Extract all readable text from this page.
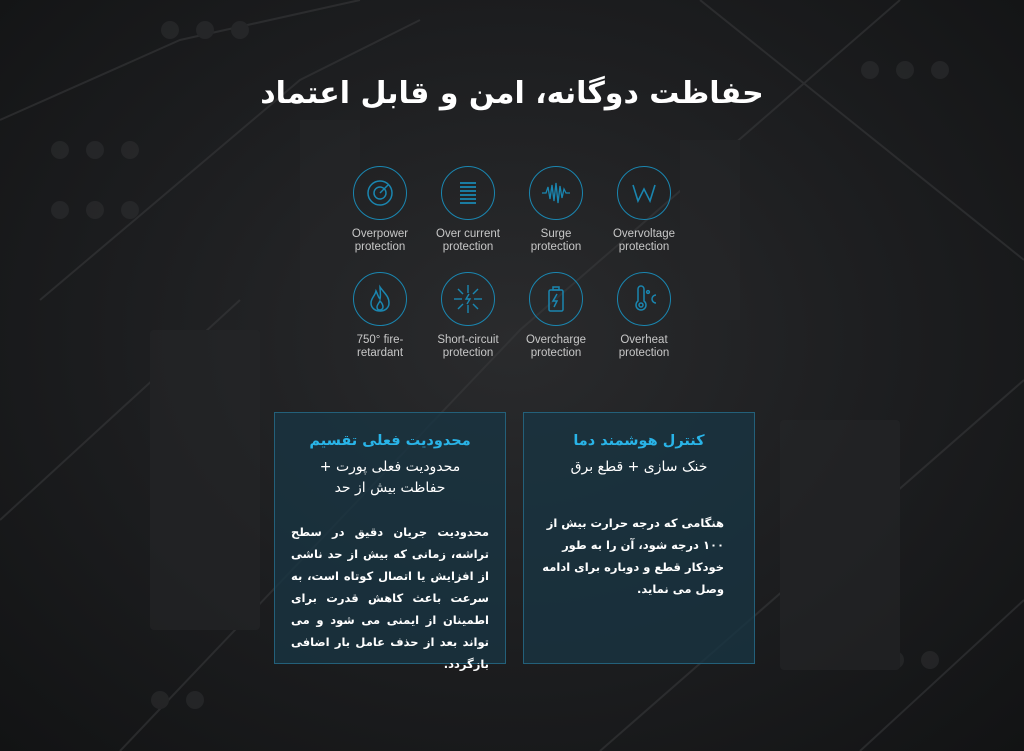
حفاظت دوگانه، امن و قابل اعتماد
Overpower
protection
Over current
protection
Surge
protection
Overvoltage
protection
750° fire-
retardant
Short-circuit
protection
Overcharge
protection
Overheat
protection
محدودیت فعلی تقسیم
محدودیت فعلی پورت +
حفاظت بیش از حد

محدودیت جریان دقیق در سطح تراشه، زمانی که بیش از حد ناشی از افزایش یا اتصال کوتاه است، به سرعت باعث کاهش قدرت برای اطمینان از ایمنی می شود و می تواند بعد از حذف عامل بار اضافی بازگردد.

کنترل هوشمند دما
خنک سازی + قطع برق

هنگامی که درجه حرارت بیش از ۱۰۰ درجه شود، آن را به طور خودکار قطع و دوباره برای ادامه وصل می نماید.
